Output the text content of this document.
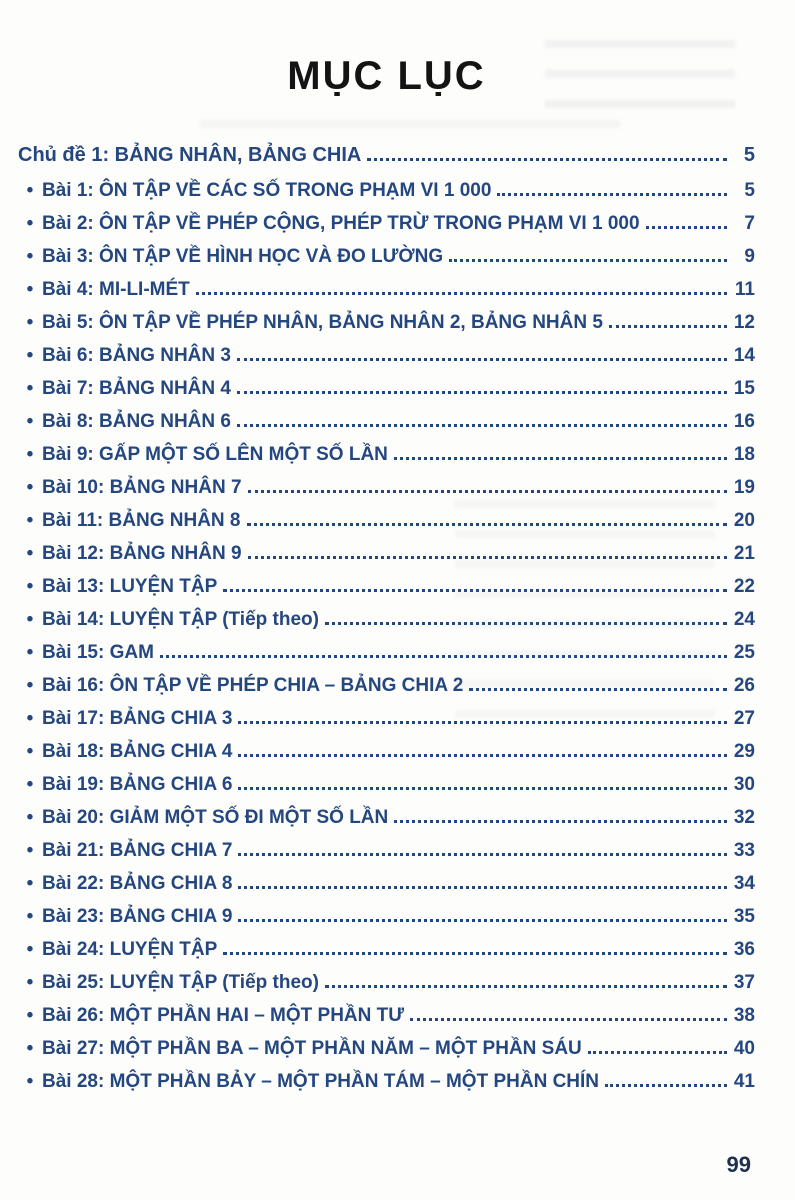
MỤC LỤC
Chủ đề 1: BẢNG NHÂN, BẢNG CHIA	5
• Bài 1: ÔN TẬP VỀ CÁC SỐ TRONG PHẠM VI 1 000	5
• Bài 2: ÔN TẬP VỀ PHÉP CỘNG, PHÉP TRỪ TRONG PHẠM VI 1 000	7
• Bài 3: ÔN TẬP VỀ HÌNH HỌC VÀ ĐO LƯỜNG	9
• Bài 4: MI-LI-MÉT	11
• Bài 5: ÔN TẬP VỀ PHÉP NHÂN, BẢNG NHÂN 2, BẢNG NHÂN 5	12
• Bài 6: BẢNG NHÂN 3	14
• Bài 7: BẢNG NHÂN 4	15
• Bài 8: BẢNG NHÂN 6	16
• Bài 9: GẤP MỘT SỐ LÊN MỘT SỐ LẦN	18
• Bài 10: BẢNG NHÂN 7	19
• Bài 11: BẢNG NHÂN 8	20
• Bài 12: BẢNG NHÂN 9	21
• Bài 13: LUYỆN TẬP	22
• Bài 14: LUYỆN TẬP (Tiếp theo)	24
• Bài 15: GAM	25
• Bài 16: ÔN TẬP VỀ PHÉP CHIA – BẢNG CHIA 2	26
• Bài 17: BẢNG CHIA 3	27
• Bài 18: BẢNG CHIA 4	29
• Bài 19: BẢNG CHIA 6	30
• Bài 20: GIẢM MỘT SỐ ĐI MỘT SỐ LẦN	32
• Bài 21: BẢNG CHIA 7	33
• Bài 22: BẢNG CHIA 8	34
• Bài 23: BẢNG CHIA 9	35
• Bài 24: LUYỆN TẬP	36
• Bài 25: LUYỆN TẬP (Tiếp theo)	37
• Bài 26: MỘT PHẦN HAI – MỘT PHẦN TƯ	38
• Bài 27: MỘT PHẦN BA – MỘT PHẦN NĂM – MỘT PHẦN SÁU	40
• Bài 28: MỘT PHẦN BẢY – MỘT PHẦN TÁM – MỘT PHẦN CHÍN	41
99
